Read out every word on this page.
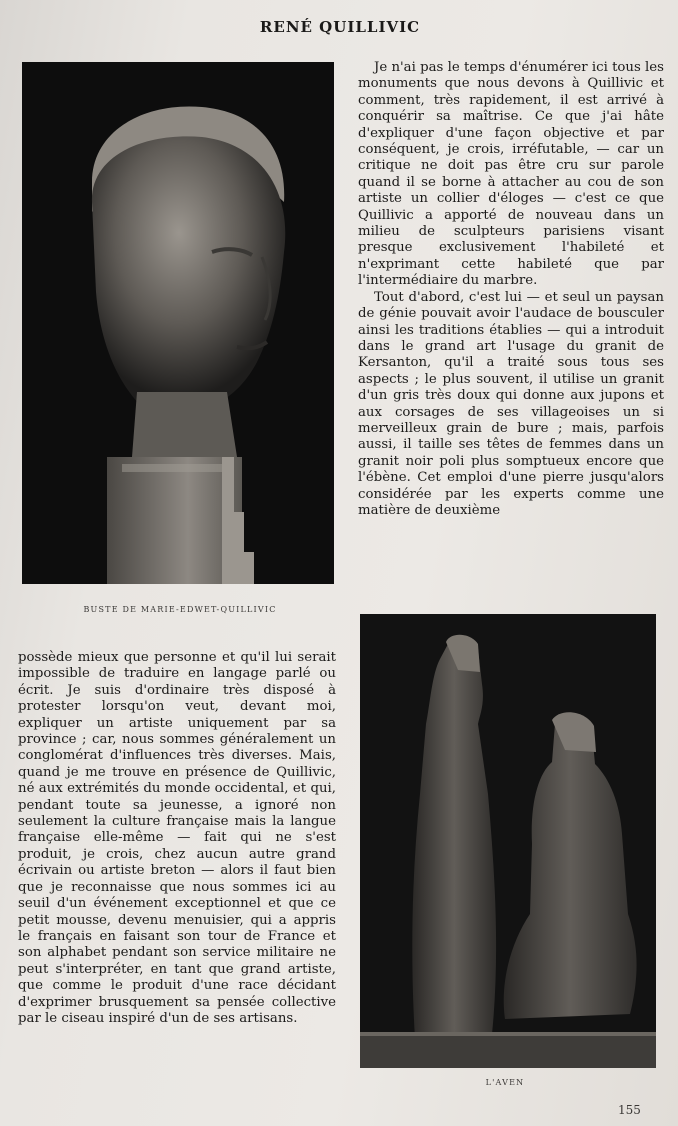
RENÉ QUILLIVIC
BUSTE DE MARIE-EDWET-QUILLIVIC

Je n'ai pas le temps d'énumérer ici tous les monuments que nous devons à Quillivic et comment, très rapidement, il est arrivé à conquérir sa maîtrise. Ce que j'ai hâte d'expliquer d'une façon objective et par conséquent, je crois, irréfutable, — car un critique ne doit pas être cru sur parole quand il se borne à attacher au cou de son artiste un collier d'éloges — c'est ce que Quillivic a apporté de nouveau dans un milieu de sculpteurs parisiens visant presque exclusivement l'habileté et n'exprimant cette habileté que par l'intermédiaire du marbre.

Tout d'abord, c'est lui — et seul un paysan de génie pouvait avoir l'audace de bousculer ainsi les traditions établies — qui a introduit dans le grand art l'usage du granit de Kersanton, qu'il a traité sous tous ses aspects ; le plus souvent, il utilise un granit d'un gris très doux qui donne aux jupons et aux corsages de ses villageoises un si merveilleux grain de bure ; mais, parfois aussi, il taille ses têtes de femmes dans un granit noir poli plus somptueux encore que l'ébène. Cet emploi d'une pierre jusqu'alors considérée par les experts comme une matière de deuxième

L'AVEN

possède mieux que personne et qu'il lui serait impossible de traduire en langage parlé ou écrit. Je suis d'ordinaire très disposé à protester lorsqu'on veut, devant moi, expliquer un artiste uniquement par sa province ; car, nous sommes généralement un conglomérat d'influences très diverses. Mais, quand je me trouve en présence de Quillivic, né aux extrémités du monde occidental, et qui, pendant toute sa jeunesse, a ignoré non seulement la culture française mais la langue française elle-même — fait qui ne s'est produit, je crois, chez aucun autre grand écrivain ou artiste breton — alors il faut bien que je reconnaisse que nous sommes ici au seuil d'un événement exceptionnel et que ce petit mousse, devenu menuisier, qui a appris le français en faisant son tour de France et son alphabet pendant son service militaire ne peut s'interpréter, en tant que grand artiste, que comme le produit d'une race décidant d'exprimer brusquement sa pensée collective par le ciseau inspiré d'un de ses artisans.

155
